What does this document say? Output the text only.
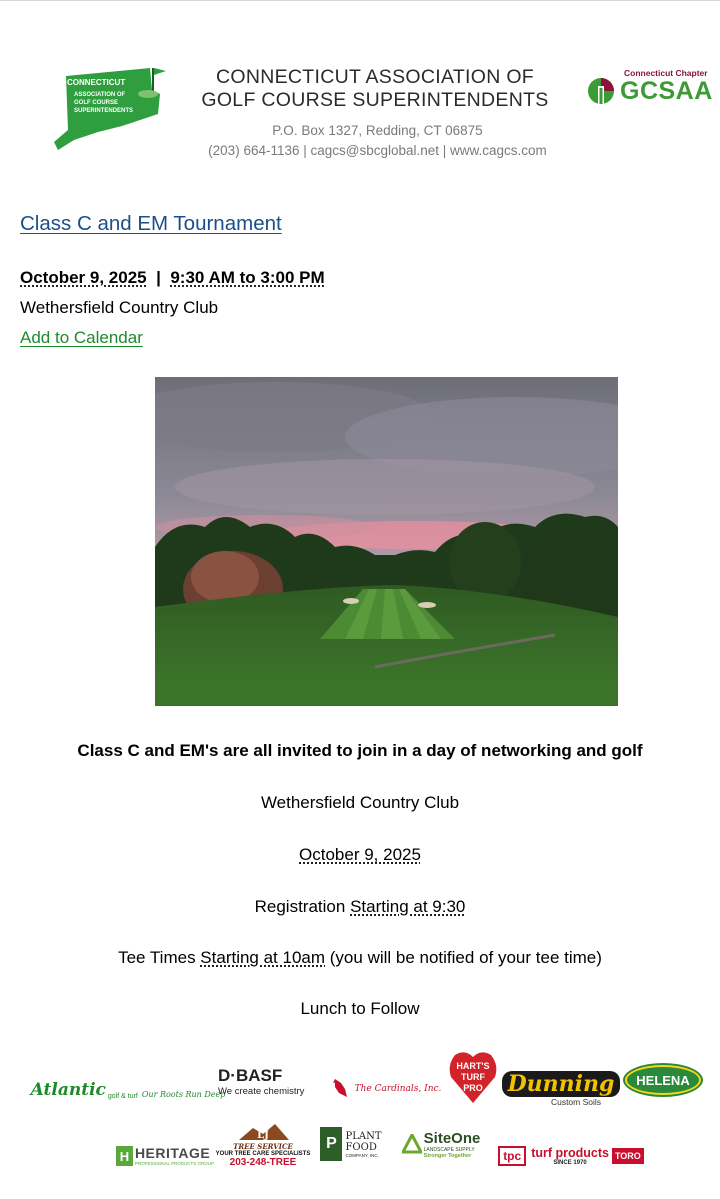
CONNECTICUT
ASSOCIATION OF
GOLF COURSE
SUPERINTENDENTS
CONNECTICUT ASSOCIATION OF
GOLF COURSE SUPERINTENDENTS
P.O. Box 1327, Redding, CT 06875
(203) 664-1136 | cagcs@sbcglobal.net | www.cagcs.com
Connecticut Chapter
GCSAA
Class C and EM Tournament
October 9, 2025 | 9:30 AM to 3:00 PM
Wethersfield Country Club
Add to Calendar
Class C and EM's are all invited to join in a day of networking and golf
Wethersfield Country Club
October 9, 2025
Registration Starting at 9:30
Tee Times Starting at 10am (you will be notified of your tee time)
Lunch to Follow
Atlantic golf & turf Our Roots Run Deep
D·BASF
We create chemistry	The Cardinals, Inc.
HART'S
TURF
PRO Dunning
Custom Soils
HELENA
H HERITAGE
PROFESSIONAL PRODUCTS GROUP
LJ
TREE SERVICE
YOUR TREE CARE SPECIALISTS
203-248-TREE
P PLANT
FOOD
COMPANY, INC.
SiteOne
LANDSCAPE SUPPLY
Stronger Together	tpc turf products
SINCE 1970
TORO
